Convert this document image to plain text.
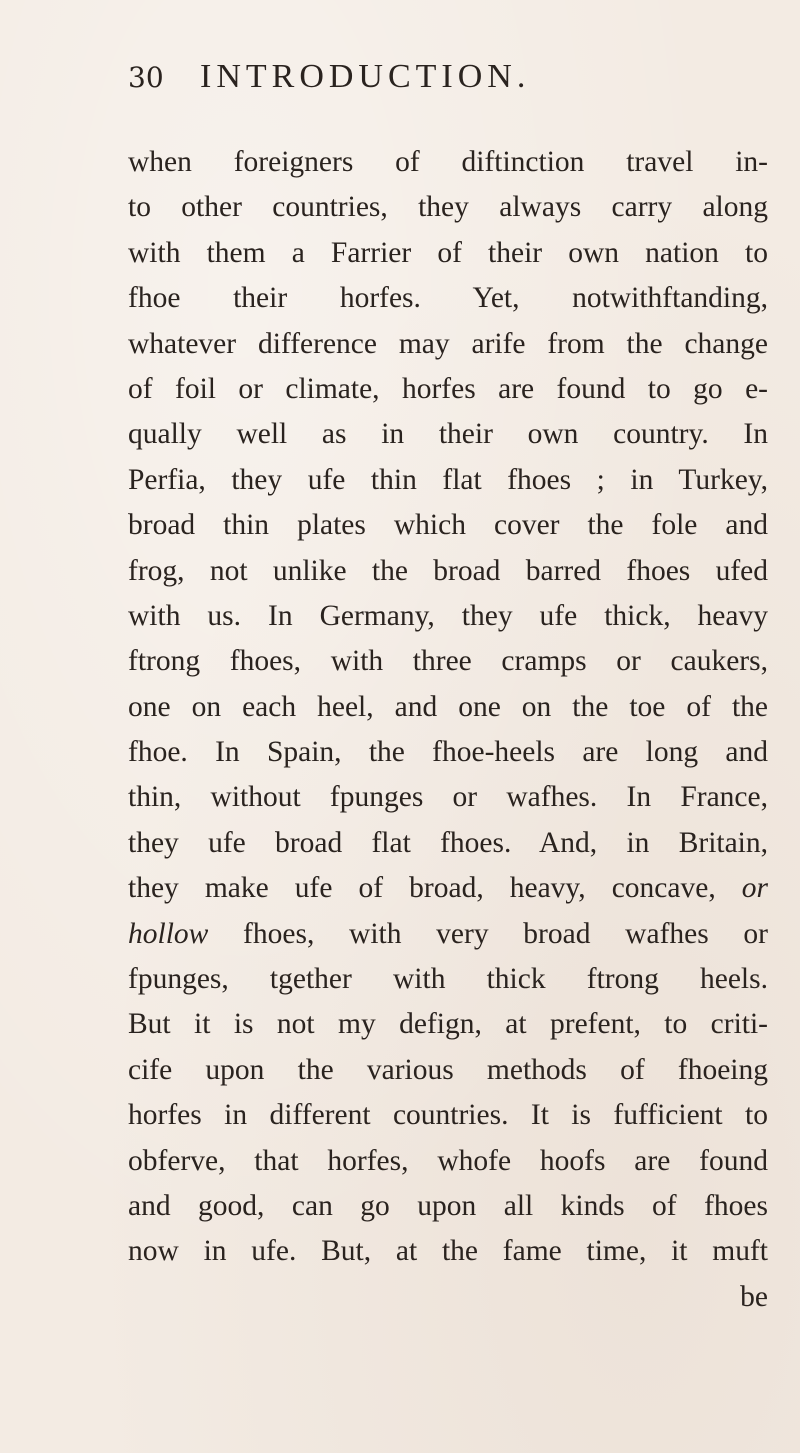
30	INTRODUCTION.
when foreigners of diftinction travel in-
to other countries, they always carry along
with them a Farrier of their own nation to
fhoe their horfes. Yet, notwithftanding,
whatever difference may arife from the change
of foil or climate, horfes are found to go e-
qually well as in their own country. In
Perfia, they ufe thin flat fhoes ; in Turkey,
broad thin plates which cover the fole and
frog, not unlike the broad barred fhoes ufed
with us. In Germany, they ufe thick, heavy
ftrong fhoes, with three cramps or caukers,
one on each heel, and one on the toe of the
fhoe. In Spain, the fhoe-heels are long and
thin, without fpunges or wafhes. In France,
they ufe broad flat fhoes. And, in Britain,
they make ufe of broad, heavy, concave, or
hollow fhoes, with very broad wafhes or
fpunges, tgether with thick ftrong heels.
But it is not my defign, at prefent, to criti-
cife upon the various methods of fhoeing
horfes in different countries. It is fufficient to
obferve, that horfes, whofe hoofs are found
and good, can go upon all kinds of fhoes
now in ufe. But, at the fame time, it muft
be
